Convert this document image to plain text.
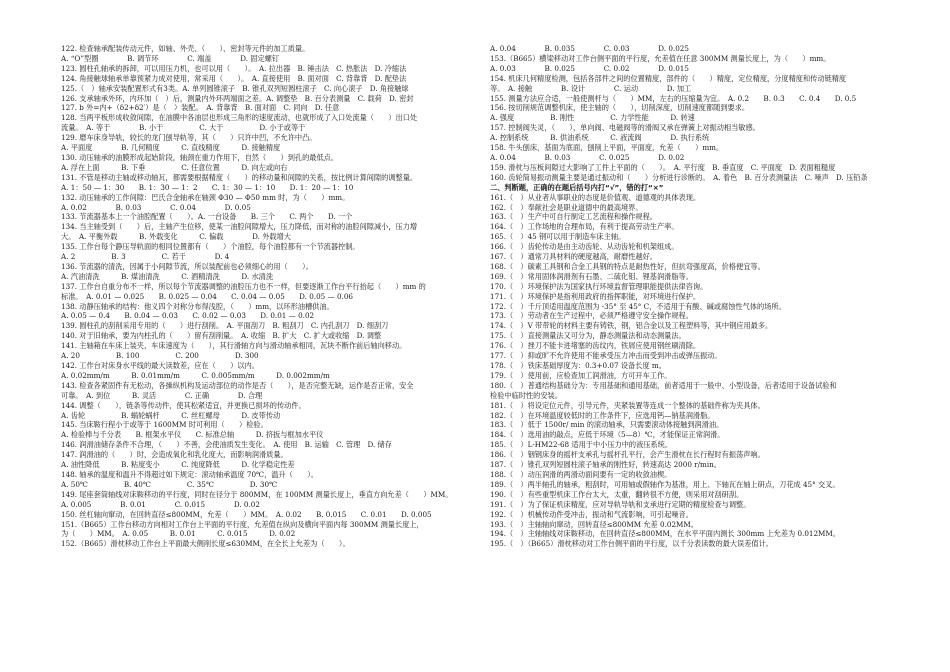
122. 检查轴承配装传动元件，如轴、外壳、（　　）、密封等元件的加工质量。
A. “O”型圈　　　　B. 调节环　　　　C. 端盖　　　　D. 固定螺钉
123. 圆柱孔轴承的拆卸，可以用压力机，也可以用（　　）。　A. 拉出器　B. 锤击法　C. 热胀法　D. 冷缩法
124. 角接触球轴承单靠预紧力成对使用，常采用（　　）。　A. 直接使用　B. 面对面　C. 背靠背　D. 配垫法
125.（　）轴承安装配置形式有3类。A. 单列圆锥滚子　B. 锥孔双列短圆柱滚子　C. 向心滚子　D. 角接触球
126. 支承轴承外环，内环加（　）后，测量内外环两端面之差。A. 调整垫　B. 百分表测量　C. 载荷　D. 密封
127. b 外=内+（δ2+δ2′）是（　）装配。　A. 背靠背　B. 面对面　C. 同向　D. 任意
128. 当两平板形成收敛间隙，在油膜中各油层也形成三角形的速度流动，也就形成了入口处流量（　　）出口处
流量。　A. 等于　　　　B. 小于　　　　　C. 大于　　　　　D. 小于或等于
129. 磨车床身导轨，较长的龙门刨导轨等，其（　　）只许中凹，不允许中凸。
A. 平面度　　　　B. 几何精度　　　C. 直线精度　　　D. 接触精度
130. 动压轴承的油膜形成起始阶段，轴颈在重力作用下，自然（　　）到孔的最低点。
A. 浮在上面　　　B. 下垂　　　　　C. 任意位置　　　D. 向左或向右
131. 不管是移动主轴或移动轴瓦，都需要根据精度（　　）的移动量和间隙的关系，按比例计算间隙的调整量。
A. 1：50 — 1：30　　B. 1：30 — 1：2　　C. 1：30 — 1：10　　D. 1：20 — 1：10
132. 动压轴承的工作间隙：巴氏合金轴承在轴颈 Φ30 — Φ50 mm 时，为（　　）mm。
A. 0.02　　　　B. 0.03　　　　C. 0.04　　　　D. 0.05
133. 节流器基本上一个油腔配置（　　）。A. 一台设备　　B. 三个　　C. 两个　　D. 一个
134. 当主轴受到（　　）后，主轴产生位移，使某一油腔间隙增大，压力降低，而对称的油腔间隙减小，压力增
大。　A. 平衡外载　　　B. 外载变化　　　C. 偏载　　　　D. 外载增大
135. 工作台每个静压导轨面的相同位置都有（　　）个油腔，每个油腔都有一个节流器控制。
A. 2　　　　　B. 3　　　　　C. 若干　　　　D. 4
136. 节流器的清洗，因属于小间隙节流，所以装配前也必须细心的用（　　）。
A. 汽油清洗　　　B. 煤油清洗　　　C. 酒精清洗　　　D. 水清洗
137. 工作台自重分布不一样，所以每个节流器调整的油腔压力也不一样，但要逐渐工作台平行抬起（　　）mm 的
标准。　A. 0.01 — 0.025　　B. 0.025 — 0.04　　C. 0.04 — 0.05　　D. 0.05 — 0.06
138. 动静压轴承的结构：他义四个对称分布得浅腔，（　　）mm，以环形油槽供油。
A. 0.05 — 0.4　　B. 0.04 — 0.03　　C. 0.02 — 0.03　　D. 0.01 — 0.02
139. 圆柱孔的刮削采用专用的（　　）进行刮削。　A. 平面刮刀　B. 粗刮刀　C. 内孔刮刀　D. 细刮刀
140. 对于旧轴承，要为内柱孔的（　　）留有刮削量。　A. 收缩　B. 扩大　C. 扩大或收缩　D. 调整
141. 主轴箱在车床上装夹，车床速度为（　　），其行滑轴方向与滑动轴承相同，瓦块不断作前后轴向移动。
A. 20　　　　　B. 100　　　　　C. 200　　　　　D. 300
142. 工作台对床身水平线的最大读数差，应在（　　）以内。
A. 0.02mm/m　　　B. 0.01mm/m　　　C. 0.005mm/m　　　D. 0.002mm/m
143. 检查各紧固件有无松动，各操纵机构及运动部位的动作是否（　　），是否完整无缺，运作是否正常，安全
可靠。　A. 到位　　　B. 灵活　　　　C. 正确　　　　D. 合理
144. 调整（　　），链条等传动件，使其松紧适宜，并更换已损坏的传动件。
A. 齿轮　　　　　B. 蜗轮蜗杆　　　C. 丝杠螺母　　　D. 皮带传动
145. 当床鞍行程小于或等于 1600MM 时可利用（　　）检验。
A. 检验棒与千分表　　B. 框架水平仪　　C. 标准总轴　　　D. 挤扳与框加水平仪
146. 润滑油储存条件不合理，（　　）不善，会使油质发生变化。　A. 使用　B. 运输　C. 管理　D. 储存
147. 润滑油的（　　）时，会造成氧化和乳化度大，而影响润滑质量。
A. 油性降低　　　B. 粘度变小　　　C. 纯度降低　　　D. 化学稳定性差
148. 轴承的温度和温升不得超过如下规定：滚动轴承温度 70℃，温升（　　）。
A. 50℃　　　　　B. 40℃　　　　　C. 35℃　　　　　D. 30℃
149. 尾座套筒轴线对床鞍移动的平行度，同时在径分于 800MM，在 100MM 测量长度上，垂直方向允差（　　）MM。
A. 0.005　　　　B. 0.01　　　　C. 0.015　　　　D. 0.02
150. 丝杠轴向窜动，在回转直径≤800MM，允差（　　）MM。　A. 0.02　　B. 0.015　　C. 0.01　　D. 0.005
151.（B665）工作台移动方向相对工作台上平面的平行度，允差值在纵向及横向平面内每 300MM 测量长度上，
为（　　）MM。　A. 0.05　　　B. 0.01　　　C. 0.015　　　D. 0.02
152.（B665）滑枕移动工作台上平面最大侧削长度≤630MM，在全长上允差为（　　）。
A. 0.04　　　　B. 0.035　　　　C. 0.03　　　　D. 0.025
153.（B665）横梁移动对工作台侧平面的平行度，允差值在任意 300MM 测量长度上，为（　　）mm。
A. 0.03　　　　B. 0.025　　　　C. 0.02　　　　D. 0.015
154. 机床几何精度检测，包括各部件之间的位置精度，部件的（　　）精度，定位精度，分度精度和传动链精度
等。　A. 接触　　　　B. 设计　　　　C. 运动　　　　D. 加工
155. 测量方法应合适，一般使测杆与（　　）MM，左右的压缩量为宜。　A. 0.2　　B. 0.3　　C. 0.4　　D. 0.5
156. 按切削规范调整机床，使主轴的（　　），切削深度，切削速度都随到要求。
A. 强度　　　　　B. 刚性　　　　　C. 力学性能　　　D. 转速
157. 控制阀失灵，（　　），单向阀、电磁阀等的滑阀又承在弹簧上对振动相当敏感。
A. 控制系统　　　B. 供油系统　　　C. 液流阀　　　　D. 执行系统
158. 牛头刨床，基面为底面，刨削上平面，平面度，允差（　　）mm。
A. 0.04　　　　B. 0.03　　　　C. 0.025　　　　D. 0.02
159. 滑枕与压板间隙过大影响了工件上平面的（　　）。　A. 平行度　B. 垂直度　C. 平面度　D. 表面粗糙度
160. 齿轮简易振动测量主要是通过振动和（　　）分析进行诊断的。　A. 着色　B. 百分表测量法　C. 噪声　D. 压铅条
二、判断题，正确的在题后括号内打“√”，错的打“×”
161.（　）从业者从事职业的态度是价值观、道德观的具体表现。
162.（　）奉献社会是职业道德中的最高境界。
163.（　）生产中可自行制定工艺流程和操作规程。
164.（　）工作场地的合理布局，有利于提高劳动生产率。
165.（　）45 钢可以用于制造车床主轴。
166.（　）齿轮传动是由主动齿轮、从动齿轮和机架组成。
167.（　）通常刀具材料的硬度越高，耐磨性越好。
168.（　）碳素工具钢和合金工具钢的特点是耐热性好，但抗弯强度高，价格便宜等。
169.（　）常用固体润滑剂有石墨、二硫化钼、锂基润滑脂等。
170.（　）环境保护法为国家执行环境监督管理职能提供法律咨询。
171.（　）环境保护是指利用政府的指挥职能，对环境进行保护。
172.（　）千斤顶适用温度范围为 -35° 至 45° C，不适用于有酸、碱或腐蚀性气体的场所。
173.（　）劳动者在生产过程中，必须严格遵守安全操作规程。
174.（　）V 带带轮的材料主要有铸铁，钢，铝合金以及工程塑料等，其中钢应用最多。
175.（　）直接测量法又可分为，静态测量法和动态测量法。
176.（　）挫刀不能卡进堵塞的齿纹内，铁屑应使用钢丝刷清除。
177.（　）抑或旷不允许使用不能承受压力冲击而受到冲击或弹压振动。
178.（　）铁床基础厚度为：0.3+0.07 设备长度 m。
179.（　）使用前，应检查加工润滑油，方可开车工作。
180.（　）普通结构基础分为：专用基础和通用基础，前者适用于一般中、小型设备，后者适用于设备试验和
检验中临时性的安装。
181.（　）将设定位元件，引导元件，夹紧装置等连成一个整体的基础件称为夹具体。
182.（　）在环境温度较低时的工作条件下，应选用钙—钠基润滑脂。
183.（　）低于 1500r/ min 的滚动轴承，只需要滚动体接触到润滑油。
184.（　）选用油的敲点，应低于环境（5—8）℃，才能保证正常润滑。
185.（　）L-HM22-68 适用于中小压力中的液压系统。
186.（　）铟钢床身的摇杆支承孔与摇杆孔平行，会产生滑枕在长行程时有振荡声响。
187.（　）锥孔双列短圆柱滚子轴承的刚性好，转速高达 2000 r/min。
188.（　）动压润滑的两滑动面间要有一定的收敛油楔。
189.（　）两半轴孔的轴承，粗刮时，可用轴或假轴作为基准，用上、下轴瓦在轴上研点，刀花成 45° 交叉。
190.（　）有些重型机床工作台太大，太重，翻转很不方便，则采用对刮研刮。
191.（　）为了保证机床精度，应对导轨导轨和支承进行定期的精度检查与调整。
192.（　）机械传动件受冲击，振动和气流影响，可引起噪音。
193.（　）主轴轴向窜动，回转直径≤800MM 允差 0.02MM。
194.（　）主轴轴线对床鞍移动，在回转直径≤800MM，在水平平面内测长 300mm 上允差为 0.012MM。
195.（　）（B665）滑枕移动对工作台侧平面的平行度，以千分表读数的最大误差值计。
